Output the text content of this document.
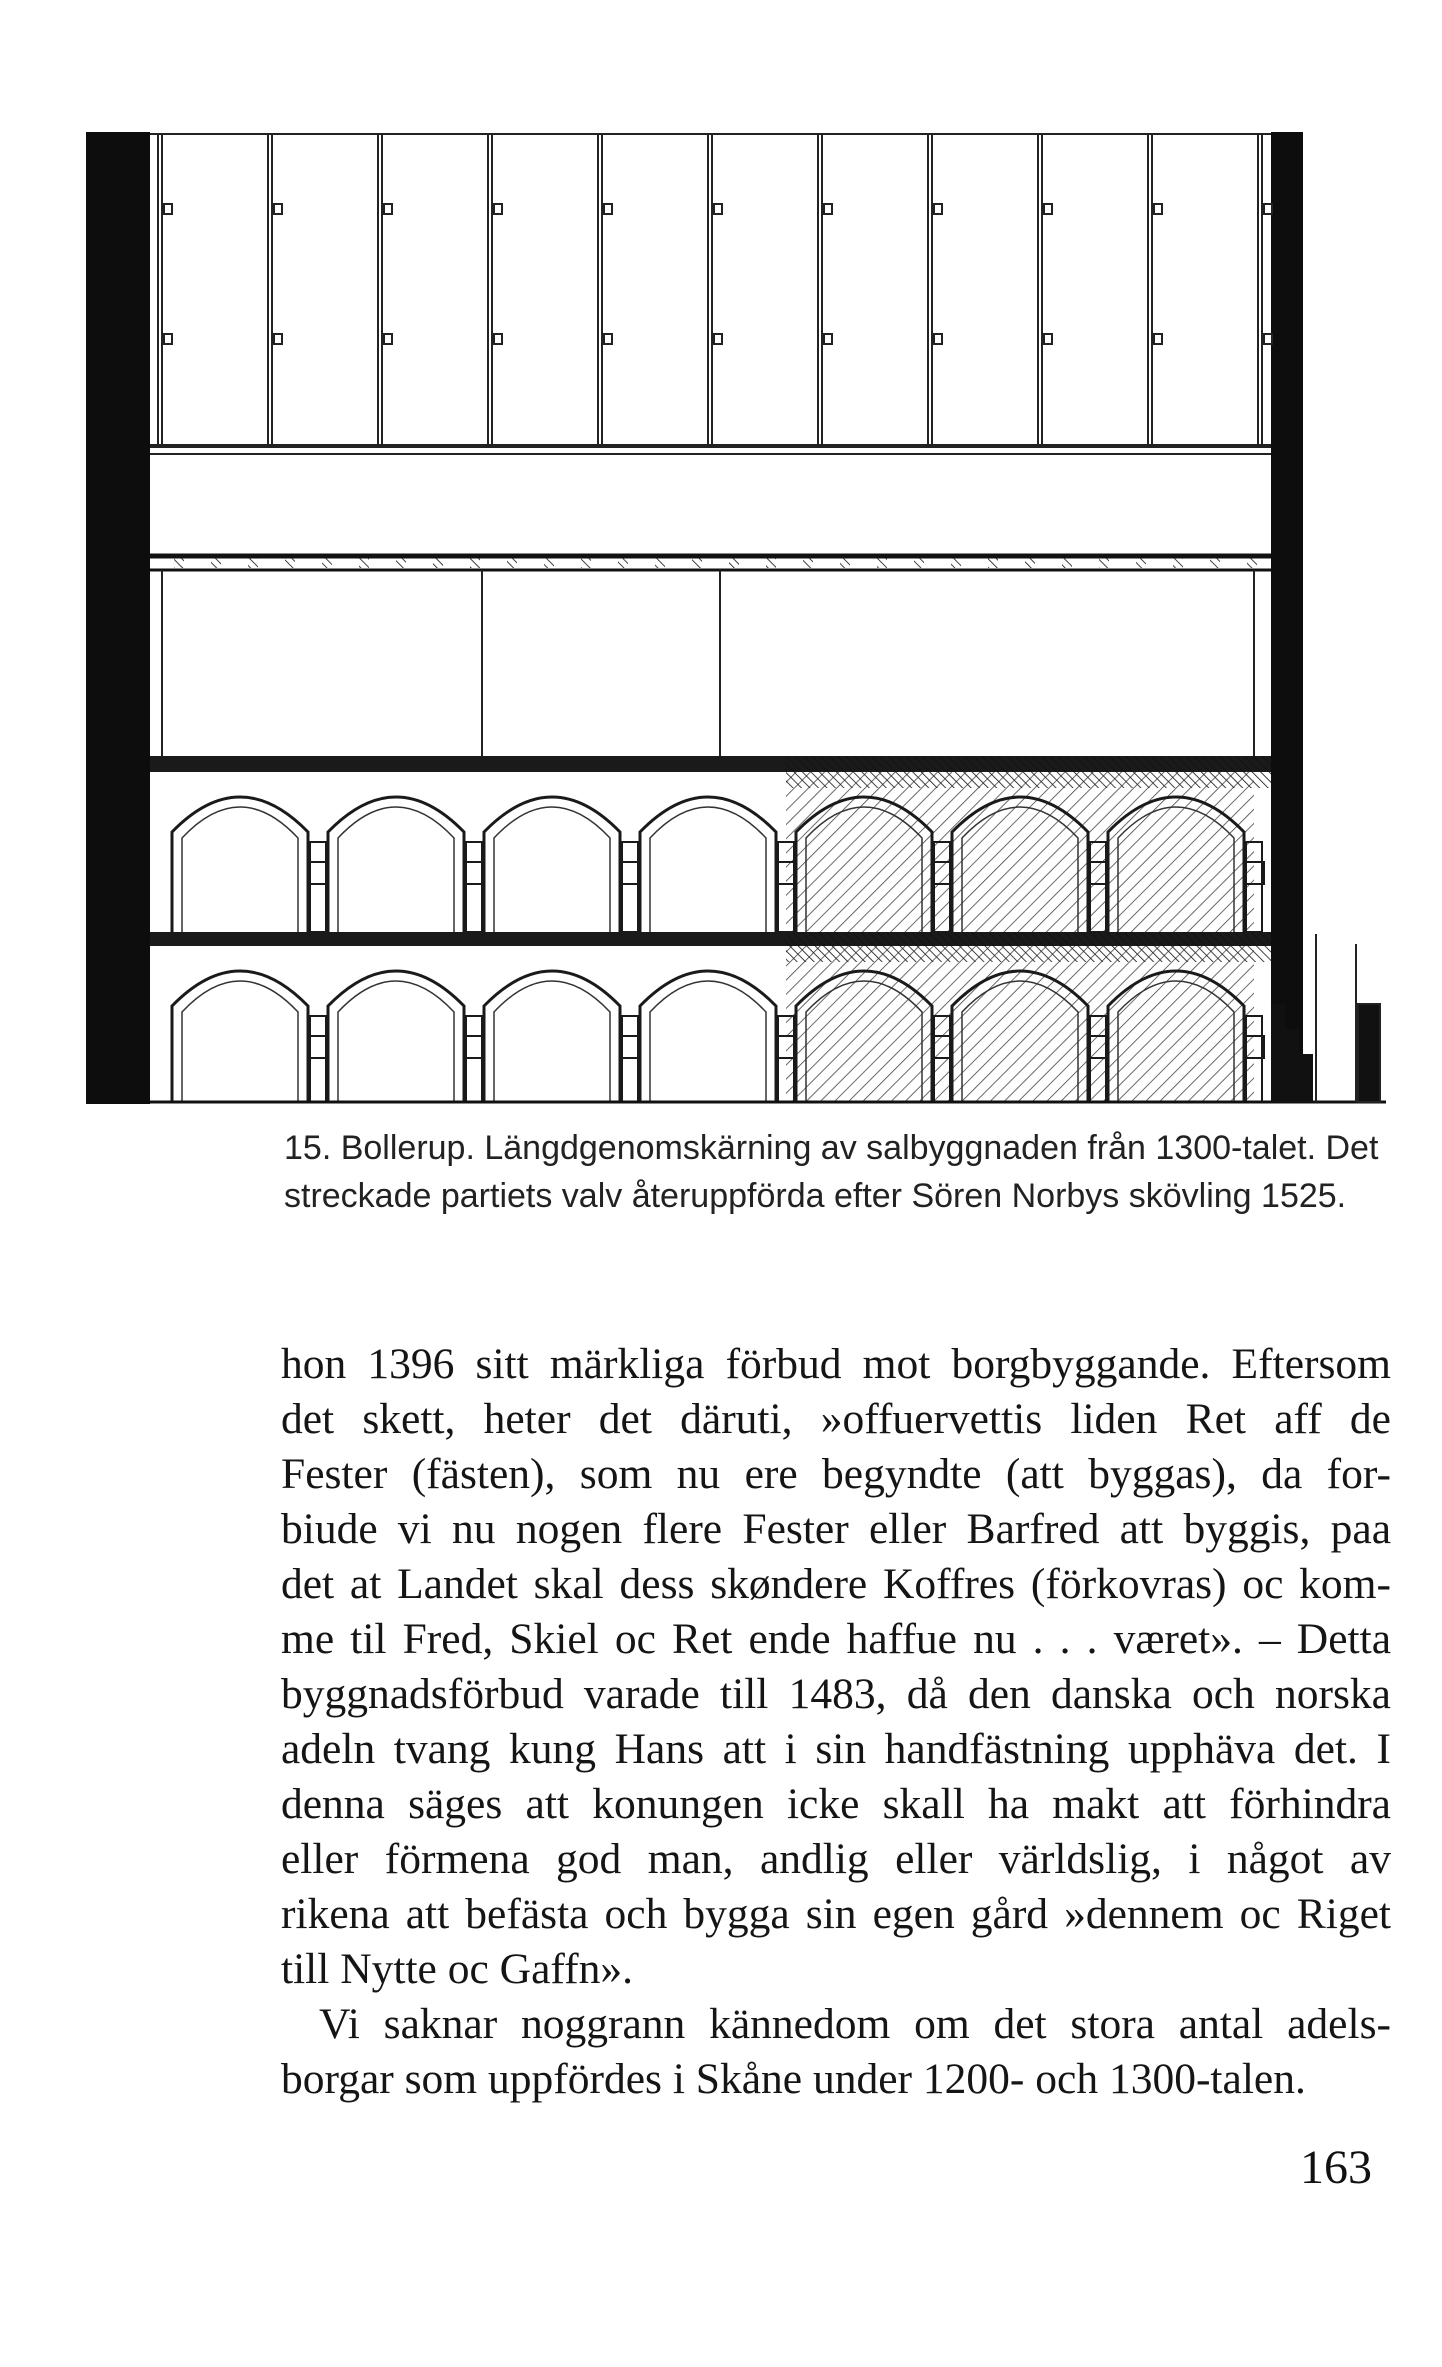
15. Bollerup. Längdgenomskärning av salbyggnaden från 1300-talet. Det
streckade partiets valv återuppförda efter Sören Norbys skövling 1525.
hon 1396 sitt märkliga förbud mot borgbyggande. Eftersom
det skett, heter det däruti, »offuervettis liden Ret aff de
Fester (fästen), som nu ere begyndte (att byggas), da for-
biude vi nu nogen flere Fester eller Barfred att byggis, paa
det at Landet skal dess skøndere Koffres (förkovras) oc kom-
me til Fred, Skiel oc Ret ende haffue nu . . . været». – Detta
byggnadsförbud varade till 1483, då den danska och norska
adeln tvang kung Hans att i sin handfästning upphäva det. I
denna säges att konungen icke skall ha makt att förhindra
eller förmena god man, andlig eller världslig, i något av
rikena att befästa och bygga sin egen gård »dennem oc Riget
till Nytte oc Gaffn».
Vi saknar noggrann kännedom om det stora antal adels-
borgar som uppfördes i Skåne under 1200- och 1300-talen.
163
